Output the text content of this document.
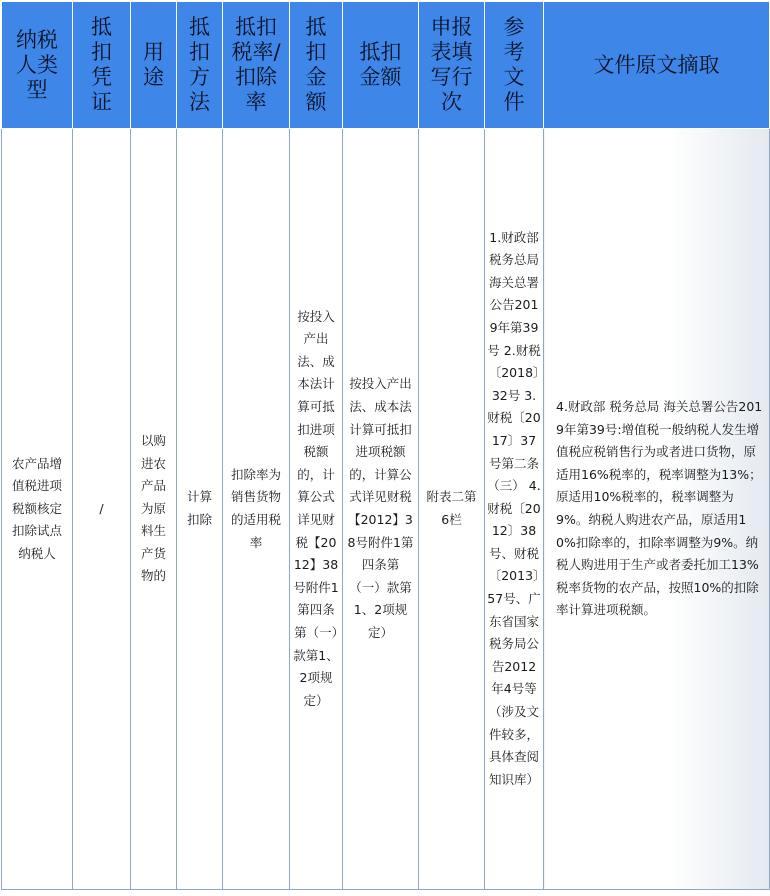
纳税人类型	抵扣凭证	用途	抵扣方法	抵扣税率/扣除率	抵扣金额	抵扣金额	申报表填写行次	参考文件	文件原文摘取
农产品增值税进项税额核定扣除试点纳税人	/	以购进农产品为原料生产货物的	计算扣除	扣除率为销售货物的适用税率	按投入产出法、成本法计算可抵扣进项税额的，计算公式详见财税【2012】38号附件1第四条第（一）款第1、2项规定）	按投入产出法、成本法计算可抵扣进项税额的，计算公式详见财税【2012】38号附件1第四条第（一）款第1、2项规定）	附表二第6栏	1.财政部 税务总局 海关总署公告2019年第39号 2.财税〔2018〕32号 3.财税〔2017〕37号第二条（三） 4.财税〔2012〕38号、财税〔2013〕57号、广东省国家税务局公告2012年4号等（涉及文件较多，具体查阅知识库）	4.财政部 税务总局 海关总署公告2019年第39号:增值税一般纳税人发生增值税应税销售行为或者进口货物，原适用16%税率的，税率调整为13%；原适用10%税率的，税率调整为9%。纳税人购进农产品，原适用10%扣除率的，扣除率调整为9%。纳税人购进用于生产或者委托加工13%税率货物的农产品，按照10%的扣除率计算进项税额。
